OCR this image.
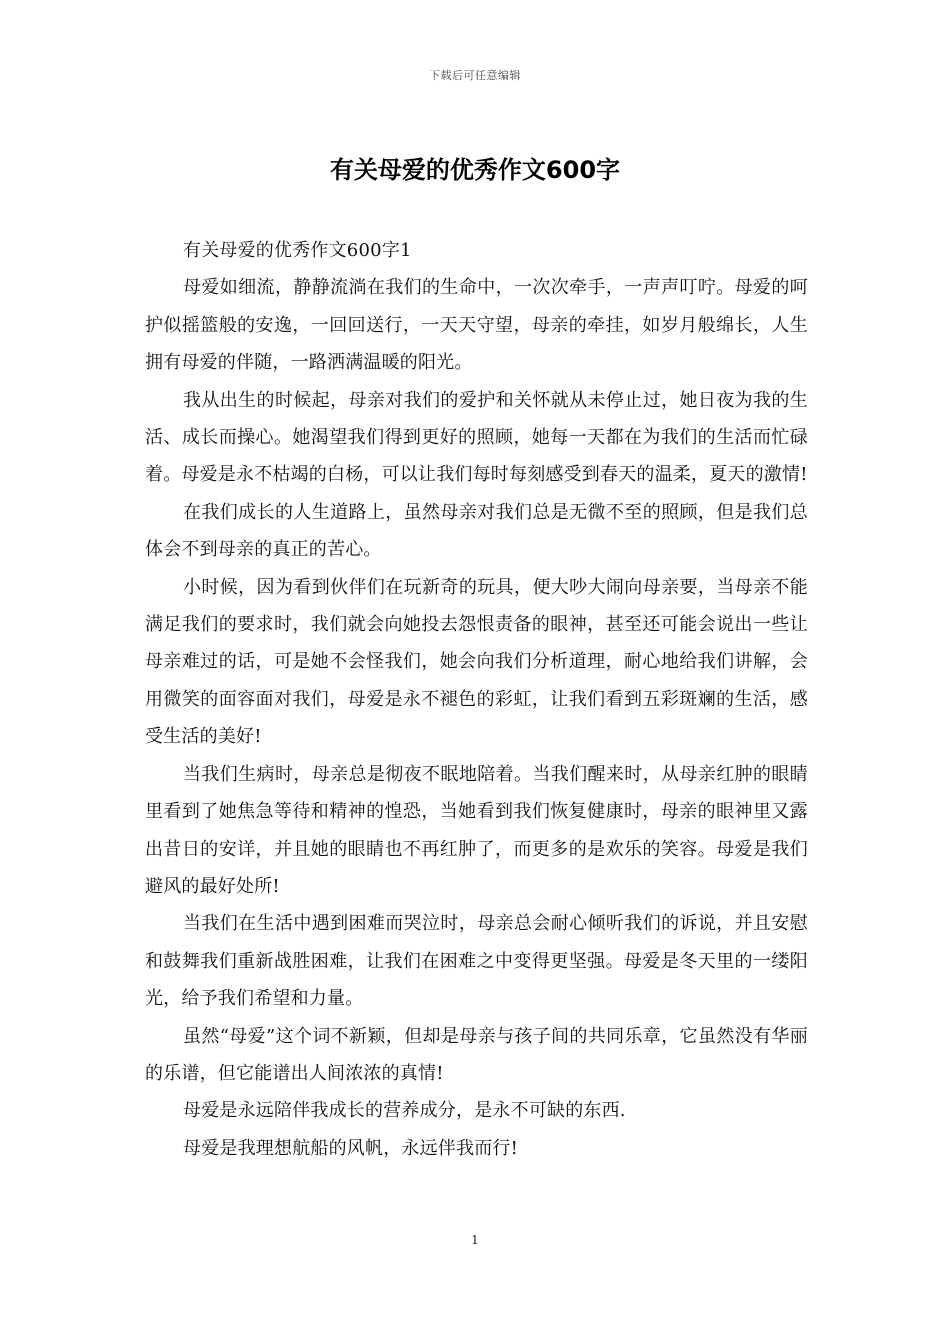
下载后可任意编辑
有关母爱的优秀作文600字

有关母爱的优秀作文600字1

母爱如细流，静静流淌在我们的生命中，一次次牵手，一声声叮咛。母爱的呵护似摇篮般的安逸，一回回送行，一天天守望，母亲的牵挂，如岁月般绵长，人生拥有母爱的伴随，一路洒满温暖的阳光。

我从出生的时候起，母亲对我们的爱护和关怀就从未停止过，她日夜为我的生活、成长而操心。她渴望我们得到更好的照顾，她每一天都在为我们的生活而忙碌着。母爱是永不枯竭的白杨，可以让我们每时每刻感受到春天的温柔，夏天的激情!

在我们成长的人生道路上，虽然母亲对我们总是无微不至的照顾，但是我们总体会不到母亲的真正的苦心。

小时候，因为看到伙伴们在玩新奇的玩具，便大吵大闹向母亲要，当母亲不能满足我们的要求时，我们就会向她投去怨恨责备的眼神，甚至还可能会说出一些让母亲难过的话，可是她不会怪我们，她会向我们分析道理，耐心地给我们讲解，会用微笑的面容面对我们，母爱是永不褪色的彩虹，让我们看到五彩斑斓的生活，感受生活的美好!

当我们生病时，母亲总是彻夜不眠地陪着。当我们醒来时，从母亲红肿的眼睛里看到了她焦急等待和精神的惶恐，当她看到我们恢复健康时，母亲的眼神里又露出昔日的安详，并且她的眼睛也不再红肿了，而更多的是欢乐的笑容。母爱是我们避风的最好处所!

当我们在生活中遇到困难而哭泣时，母亲总会耐心倾听我们的诉说，并且安慰和鼓舞我们重新战胜困难，让我们在困难之中变得更坚强。母爱是冬天里的一缕阳光，给予我们希望和力量。

虽然“母爱”这个词不新颖，但却是母亲与孩子间的共同乐章，它虽然没有华丽的乐谱，但它能谱出人间浓浓的真情!

母爱是永远陪伴我成长的营养成分，是永不可缺的东西.

母爱是我理想航船的风帆，永远伴我而行!

1
